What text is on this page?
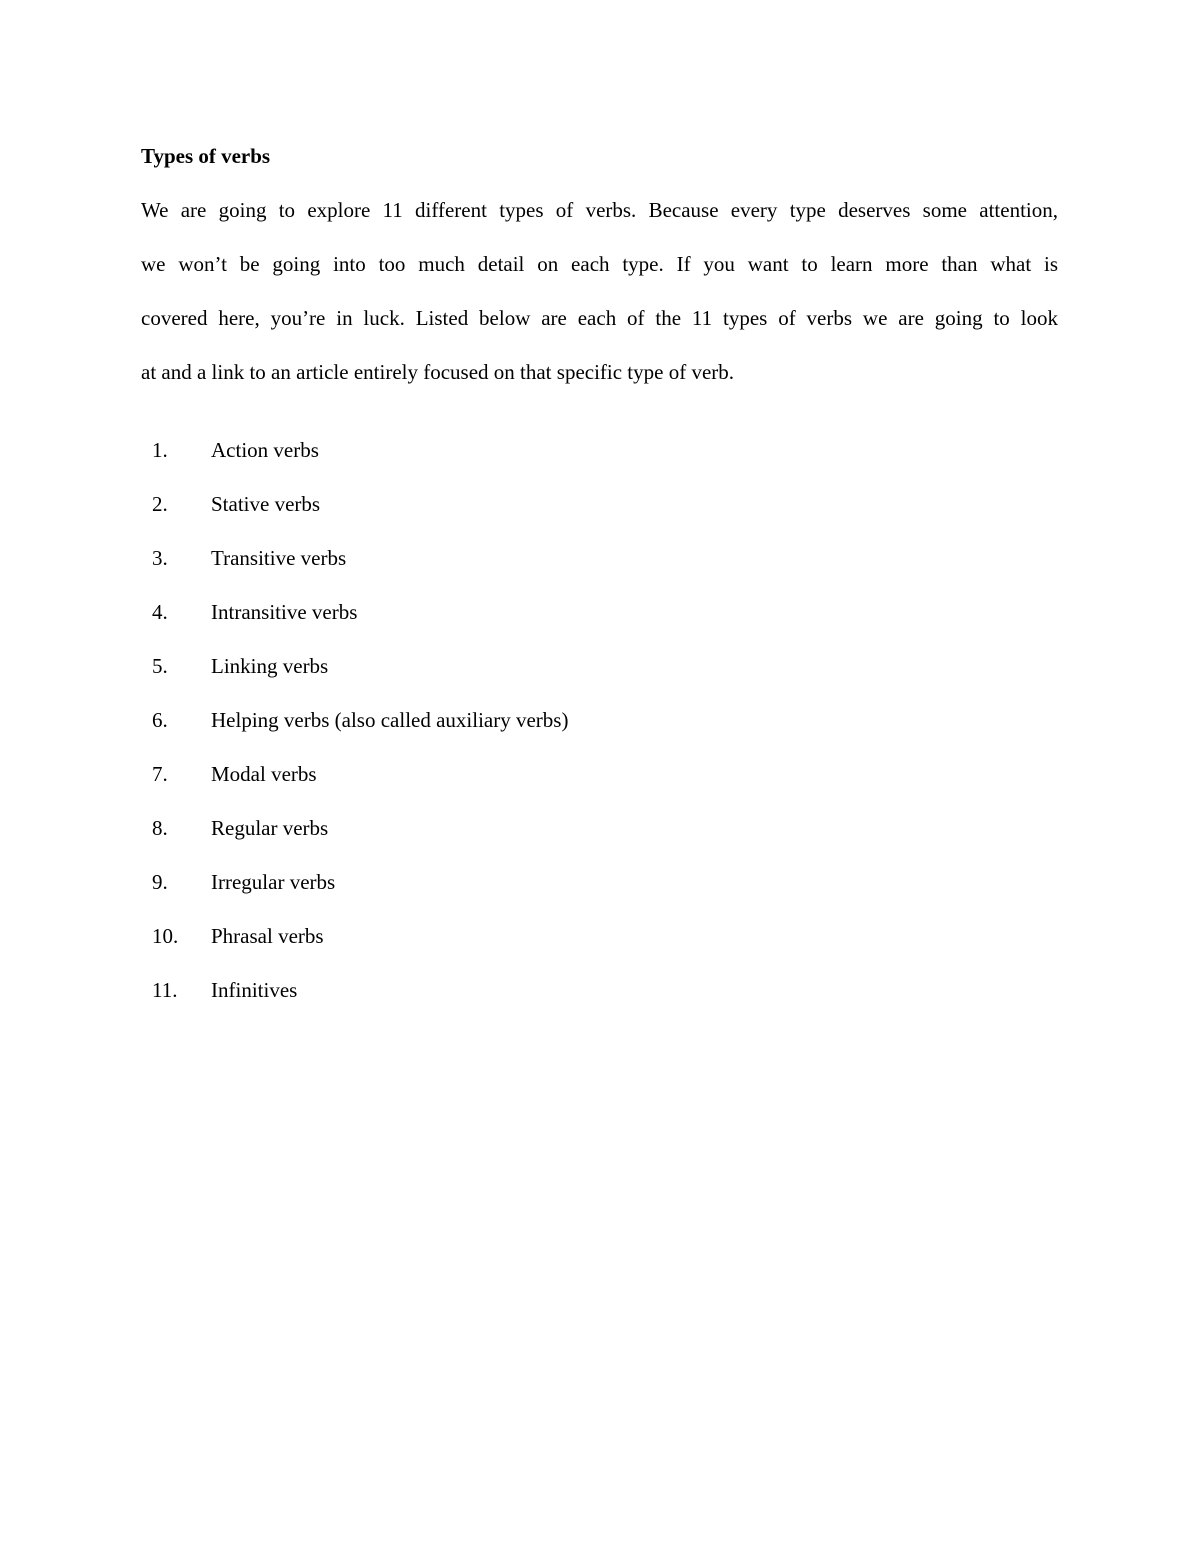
Types of verbs

We are going to explore 11 different types of verbs. Because every type deserves some attention,

we won’t be going into too much detail on each type. If you want to learn more than what is

covered here, you’re in luck. Listed below are each of the 11 types of verbs we are going to look

at and a link to an article entirely focused on that specific type of verb.

1. Action verbs
2. Stative verbs
3. Transitive verbs
4. Intransitive verbs
5. Linking verbs
6. Helping verbs (also called auxiliary verbs)
7. Modal verbs
8. Regular verbs
9. Irregular verbs
10. Phrasal verbs
11. Infinitives
